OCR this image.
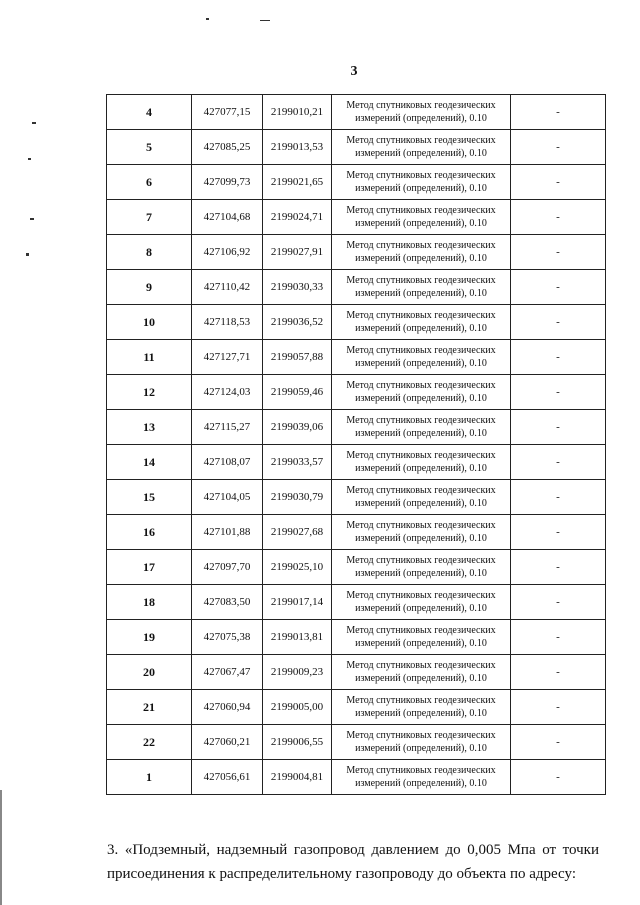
3
4	427077,15	2199010,21	Метод спутниковых геодезических
измерений (определений), 0.10	-
5	427085,25	2199013,53	Метод спутниковых геодезических
измерений (определений), 0.10	-
6	427099,73	2199021,65	Метод спутниковых геодезических
измерений (определений), 0.10	-
7	427104,68	2199024,71	Метод спутниковых геодезических
измерений (определений), 0.10	-
8	427106,92	2199027,91	Метод спутниковых геодезических
измерений (определений), 0.10	-
9	427110,42	2199030,33	Метод спутниковых геодезических
измерений (определений), 0.10	-
10	427118,53	2199036,52	Метод спутниковых геодезических
измерений (определений), 0.10	-
11	427127,71	2199057,88	Метод спутниковых геодезических
измерений (определений), 0.10	-
12	427124,03	2199059,46	Метод спутниковых геодезических
измерений (определений), 0.10	-
13	427115,27	2199039,06	Метод спутниковых геодезических
измерений (определений), 0.10	-
14	427108,07	2199033,57	Метод спутниковых геодезических
измерений (определений), 0.10	-
15	427104,05	2199030,79	Метод спутниковых геодезических
измерений (определений), 0.10	-
16	427101,88	2199027,68	Метод спутниковых геодезических
измерений (определений), 0.10	-
17	427097,70	2199025,10	Метод спутниковых геодезических
измерений (определений), 0.10	-
18	427083,50	2199017,14	Метод спутниковых геодезических
измерений (определений), 0.10	-
19	427075,38	2199013,81	Метод спутниковых геодезических
измерений (определений), 0.10	-
20	427067,47	2199009,23	Метод спутниковых геодезических
измерений (определений), 0.10	-
21	427060,94	2199005,00	Метод спутниковых геодезических
измерений (определений), 0.10	-
22	427060,21	2199006,55	Метод спутниковых геодезических
измерений (определений), 0.10	-
1	427056,61	2199004,81	Метод спутниковых геодезических
измерений (определений), 0.10	-
3. «Подземный, надземный газопровод давлением до 0,005 Мпа от точки присоединения к распределительному газопроводу до объекта по адресу:
